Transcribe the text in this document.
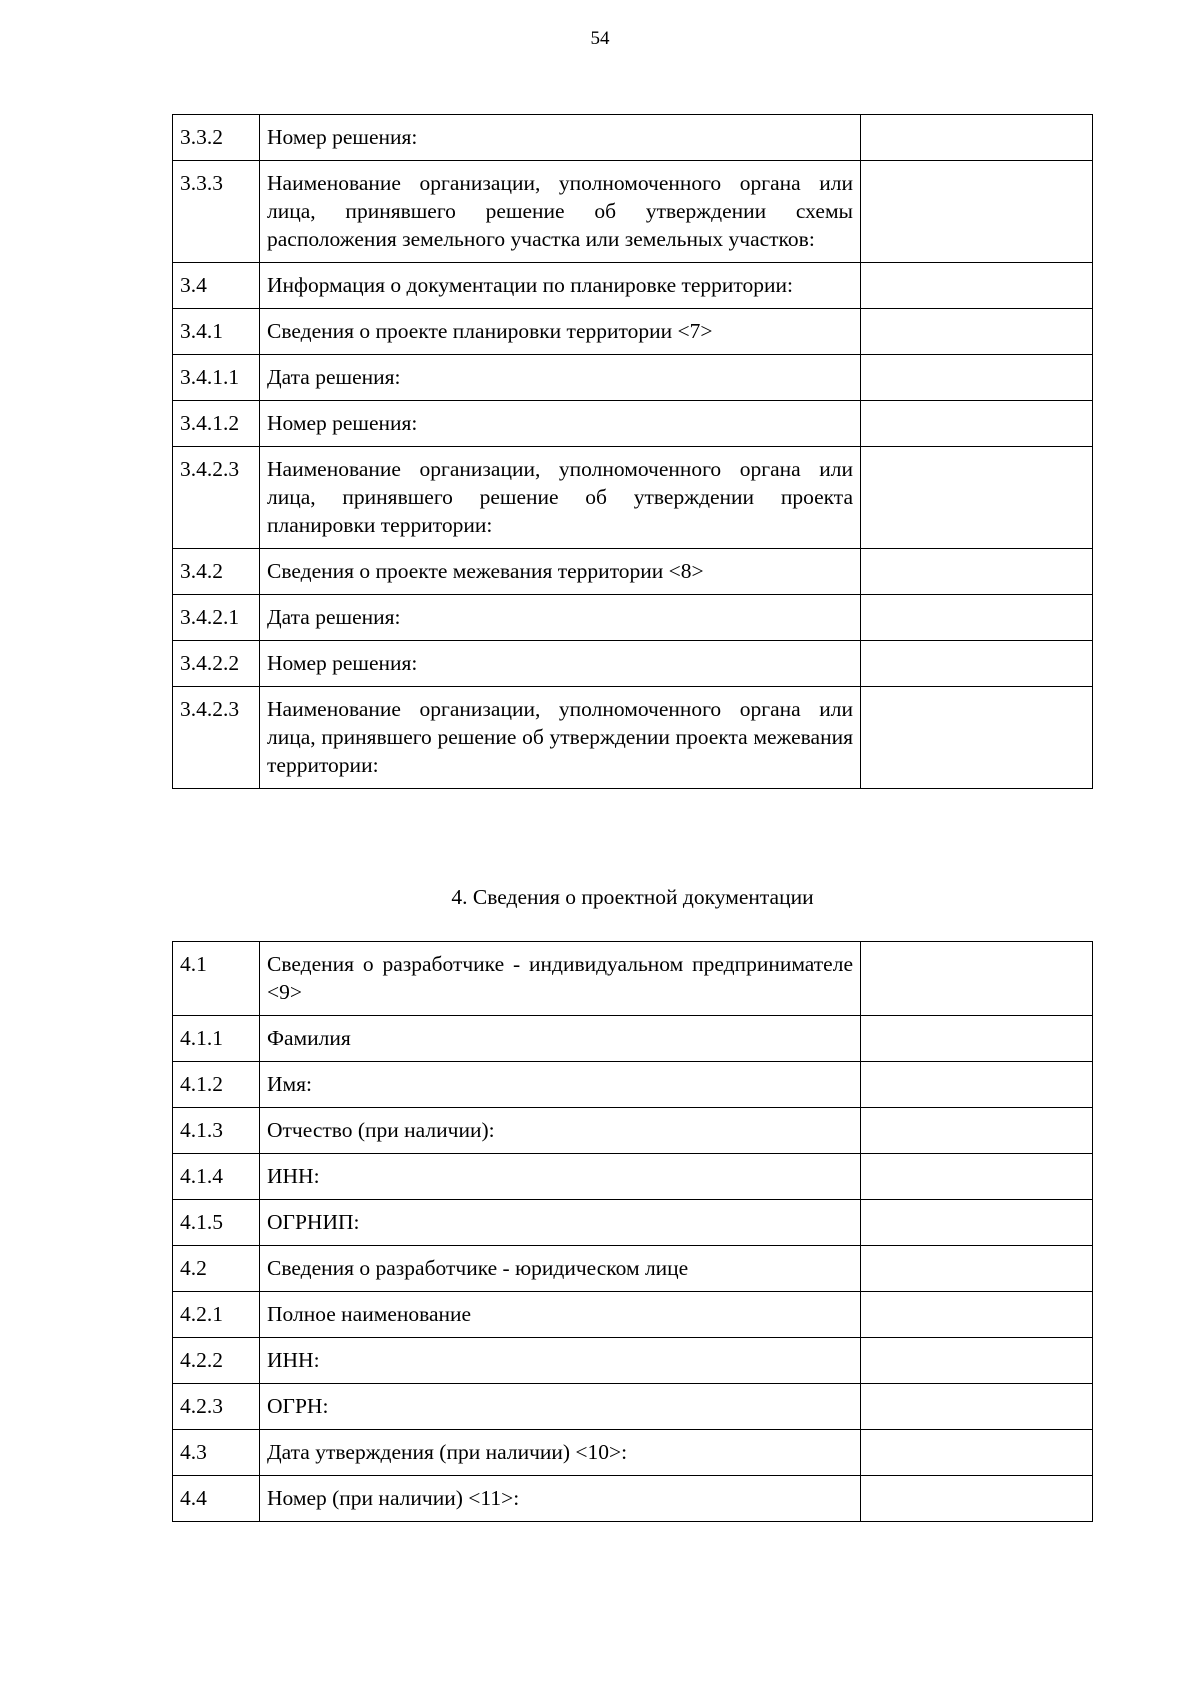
54
3.3.2	Номер решения:	
3.3.3	Наименование организации, уполномоченного органа или лица, принявшего решение об утверждении схемы расположения земельного участка или земельных участков:	
3.4	Информация о документации по планировке территории:	
3.4.1	Сведения о проекте планировки территории <7>	
3.4.1.1	Дата решения:	
3.4.1.2	Номер решения:	
3.4.2.3	Наименование организации, уполномоченного органа или лица, принявшего решение об утверждении проекта планировки территории:	
3.4.2	Сведения о проекте межевания территории <8>	
3.4.2.1	Дата решения:	
3.4.2.2	Номер решения:	
3.4.2.3	Наименование организации, уполномоченного органа или лица, принявшего решение об утверждении проекта межевания территории:	
4. Сведения о проектной документации
4.1	Сведения о разработчике - индивидуальном предпринимателе <9>	
4.1.1	Фамилия	
4.1.2	Имя:	
4.1.3	Отчество (при наличии):	
4.1.4	ИНН:	
4.1.5	ОГРНИП:	
4.2	Сведения о разработчике - юридическом лице	
4.2.1	Полное наименование	
4.2.2	ИНН:	
4.2.3	ОГРН:	
4.3	Дата утверждения (при наличии) <10>:	
4.4	Номер (при наличии) <11>:	
